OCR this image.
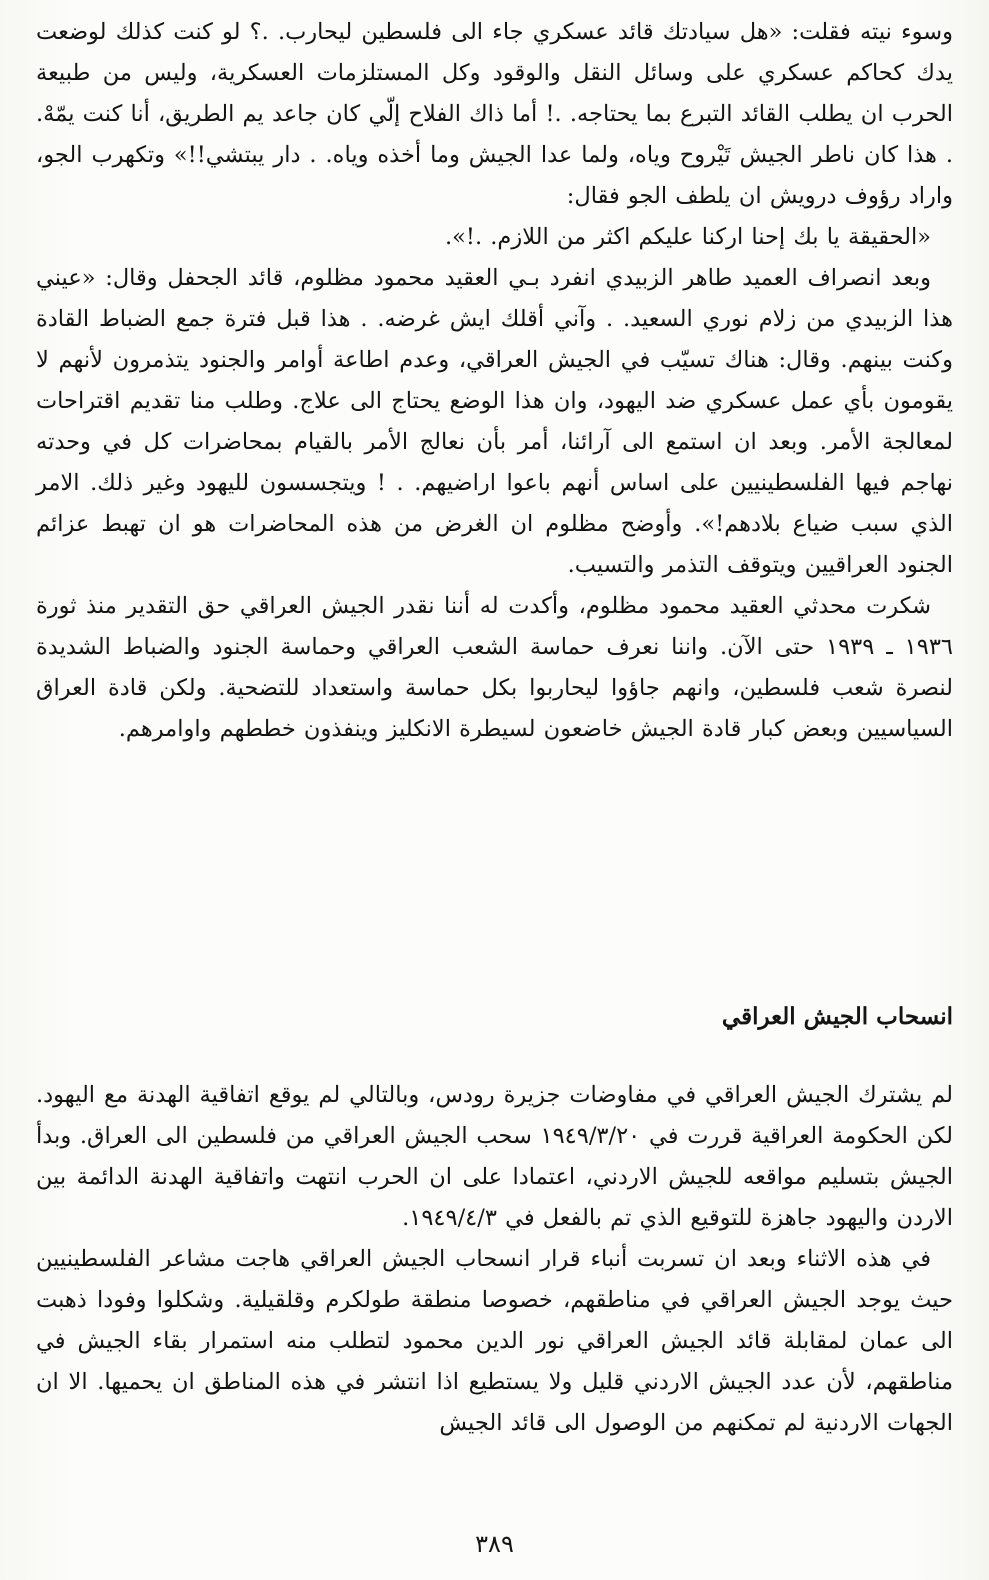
وسوء نيته فقلت: «هل سيادتك قائد عسكري جاء الى فلسطين ليحارب. .؟ لو كنت كذلك لوضعت يدك كحاكم عسكري على وسائل النقل والوقود وكل المستلزمات العسكرية، وليس من طبيعة الحرب ان يطلب القائد التبرع بما يحتاجه. .! أما ذاك الفلاح إلّي كان جاعد يم الطريق، أنا كنت يمّهْ. . هذا كان ناطر الجيش تَيْروح وياه، ولما عدا الجيش وما أخذه وياه. . دار يبتشي!!» وتكهرب الجو، واراد رؤوف درويش ان يلطف الجو فقال:

«الحقيقة يا بك إحنا اركنا عليكم اكثر من اللازم. .!».

وبعد انصراف العميد طاهر الزبيدي انفرد بـي العقيد محمود مظلوم، قائد الجحفل وقال: «عيني هذا الزبيدي من زلام نوري السعيد. . وآني أقلك ايش غرضه. . هذا قبل فترة جمع الضباط القادة وكنت بينهم. وقال: هناك تسيّب في الجيش العراقي، وعدم اطاعة أوامر والجنود يتذمرون لأنهم لا يقومون بأي عمل عسكري ضد اليهود، وان هذا الوضع يحتاج الى علاج. وطلب منا تقديم اقتراحات لمعالجة الأمر. وبعد ان استمع الى آرائنا، أمر بأن نعالج الأمر بالقيام بمحاضرات كل في وحدته نهاجم فيها الفلسطينيين على اساس أنهم باعوا اراضيهم. . ! ويتجسسون لليهود وغير ذلك. الامر الذي سبب ضياع بلادهم!». وأوضح مظلوم ان الغرض من هذه المحاضرات هو ان تهبط عزائم الجنود العراقيين ويتوقف التذمر والتسيب.

شكرت محدثي العقيد محمود مظلوم، وأكدت له أننا نقدر الجيش العراقي حق التقدير منذ ثورة ١٩٣٦ ـ ١٩٣٩ حتى الآن. واننا نعرف حماسة الشعب العراقي وحماسة الجنود والضباط الشديدة لنصرة شعب فلسطين، وانهم جاؤوا ليحاربوا بكل حماسة واستعداد للتضحية. ولكن قادة العراق السياسيين وبعض كبار قادة الجيش خاضعون لسيطرة الانكليز وينفذون خططهم واوامرهم.

انسحاب الجيش العراقي

لم يشترك الجيش العراقي في مفاوضات جزيرة رودس، وبالتالي لم يوقع اتفاقية الهدنة مع اليهود. لكن الحكومة العراقية قررت في ١٩٤٩/٣/٢٠ سحب الجيش العراقي من فلسطين الى العراق. وبدأ الجيش بتسليم مواقعه للجيش الاردني، اعتمادا على ان الحرب انتهت واتفاقية الهدنة الدائمة بين الاردن واليهود جاهزة للتوقيع الذي تم بالفعل في ١٩٤٩/٤/٣.

في هذه الاثناء وبعد ان تسربت أنباء قرار انسحاب الجيش العراقي هاجت مشاعر الفلسطينيين حيث يوجد الجيش العراقي في مناطقهم، خصوصا منطقة طولكرم وقلقيلية. وشكلوا وفودا ذهبت الى عمان لمقابلة قائد الجيش العراقي نور الدين محمود لتطلب منه استمرار بقاء الجيش في مناطقهم، لأن عدد الجيش الاردني قليل ولا يستطيع اذا انتشر في هذه المناطق ان يحميها. الا ان الجهات الاردنية لم تمكنهم من الوصول الى قائد الجيش

٣٨٩
